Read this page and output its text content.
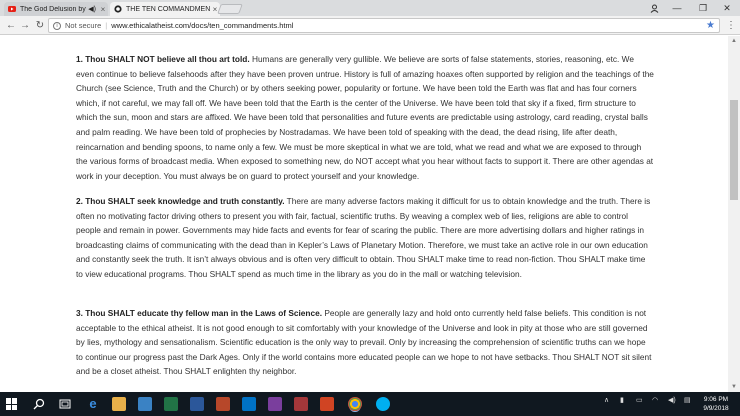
The God Delusion by ◀) ×	THE TEN COMMANDMEN ×	—	❐	✕
← → ↻	i Not secure | www.ethicalatheist.com/docs/ten_commandments.html	★ ⋮

1. Thou SHALT NOT believe all thou art told. Humans are generally very gullible. We believe are sorts of false statements, stories, reasoning, etc. We even continue to believe falsehoods after they have been proven untrue. History is full of amazing hoaxes often supported by religion and the teachings of the Church (see Science, Truth and the Church) or by others seeking power, popularity or fortune. We have been told the Earth was flat and has four corners which, if not careful, we may fall off. We have been told that the Earth is the center of the Universe. We have been told that sky if a fixed, firm structure to which the sun, moon and stars are affixed. We have been told that personalities and future events are predictable using astrology, card reading, crystal balls and palm reading. We have been told of prophecies by Nostradamas. We have been told of speaking with the dead, the dead rising, life after death, reincarnation and bending spoons, to name only a few. We must be more skeptical in what we are told, what we read and what we are exposed to through the various forms of broadcast media. When exposed to something new, do NOT accept what you hear without facts to support it. There are other agendas at work in your deception. You must always be on guard to protect yourself and your knowledge.

2. Thou SHALT seek knowledge and truth constantly. There are many adverse factors making it difficult for us to obtain knowledge and the truth. There is often no motivating factor driving others to present you with fair, factual, scientific truths. By weaving a complex web of lies, religions are able to control people and remain in power. Governments may hide facts and events for fear of scaring the public. There are more advertising dollars and higher ratings in broadcasting claims of communicating with the dead than in Kepler’s Laws of Planetary Motion. Therefore, we must take an active role in our own education and constantly seek the truth. It isn’t always obvious and is often very difficult to obtain. Thou SHALT make time to read non-fiction. Thou SHALT make time to view educational programs. Thou SHALT spend as much time in the library as you do in the mall or watching television.

3. Thou SHALT educate thy fellow man in the Laws of Science. People are generally lazy and hold onto currently held false beliefs. This condition is not acceptable to the ethical atheist. It is not good enough to sit comfortably with your knowledge of the Universe and look in pity at those who are still governed by lies, mythology and sensationalism. Scientific education is the only way to prevail. Only by increasing the comprehension of scientific truths can we hope to continue our progress past the Dark Ages. Only if the world contains more educated people can we hope to not have setbacks. Thou SHALT NOT sit silent and be a closet atheist. Thou SHALT enlighten thy neighbor.

▲
▼
e	∧ ▮ ▭ ◠ ◀) ▤	9:06 PM
9/9/2018
